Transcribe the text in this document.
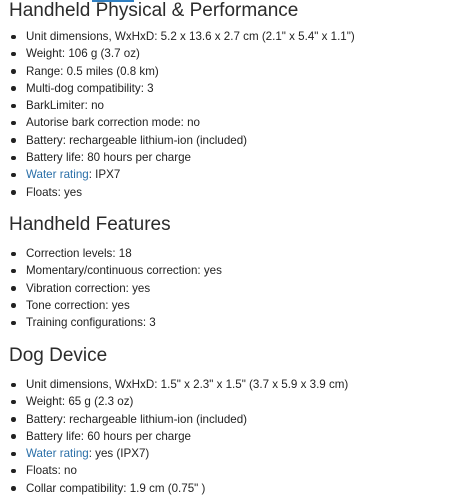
Handheld Physical & Performance
Unit dimensions, WxHxD: 5.2 x 13.6 x 2.7 cm (2.1" x 5.4" x 1.1")
Weight: 106 g (3.7 oz)
Range: 0.5 miles (0.8 km)
Multi-dog compatibility: 3
BarkLimiter: no
Autorise bark correction mode: no
Battery: rechargeable lithium-ion (included)
Battery life: 80 hours per charge
Water rating: IPX7
Floats: yes
Handheld Features
Correction levels: 18
Momentary/continuous correction: yes
Vibration correction: yes
Tone correction: yes
Training configurations: 3
Dog Device
Unit dimensions, WxHxD: 1.5" x 2.3" x 1.5" (3.7 x 5.9 x 3.9 cm)
Weight: 65 g (2.3 oz)
Battery: rechargeable lithium-ion (included)
Battery life: 60 hours per charge
Water rating: yes (IPX7)
Floats: no
Collar compatibility: 1.9 cm (0.75" )
